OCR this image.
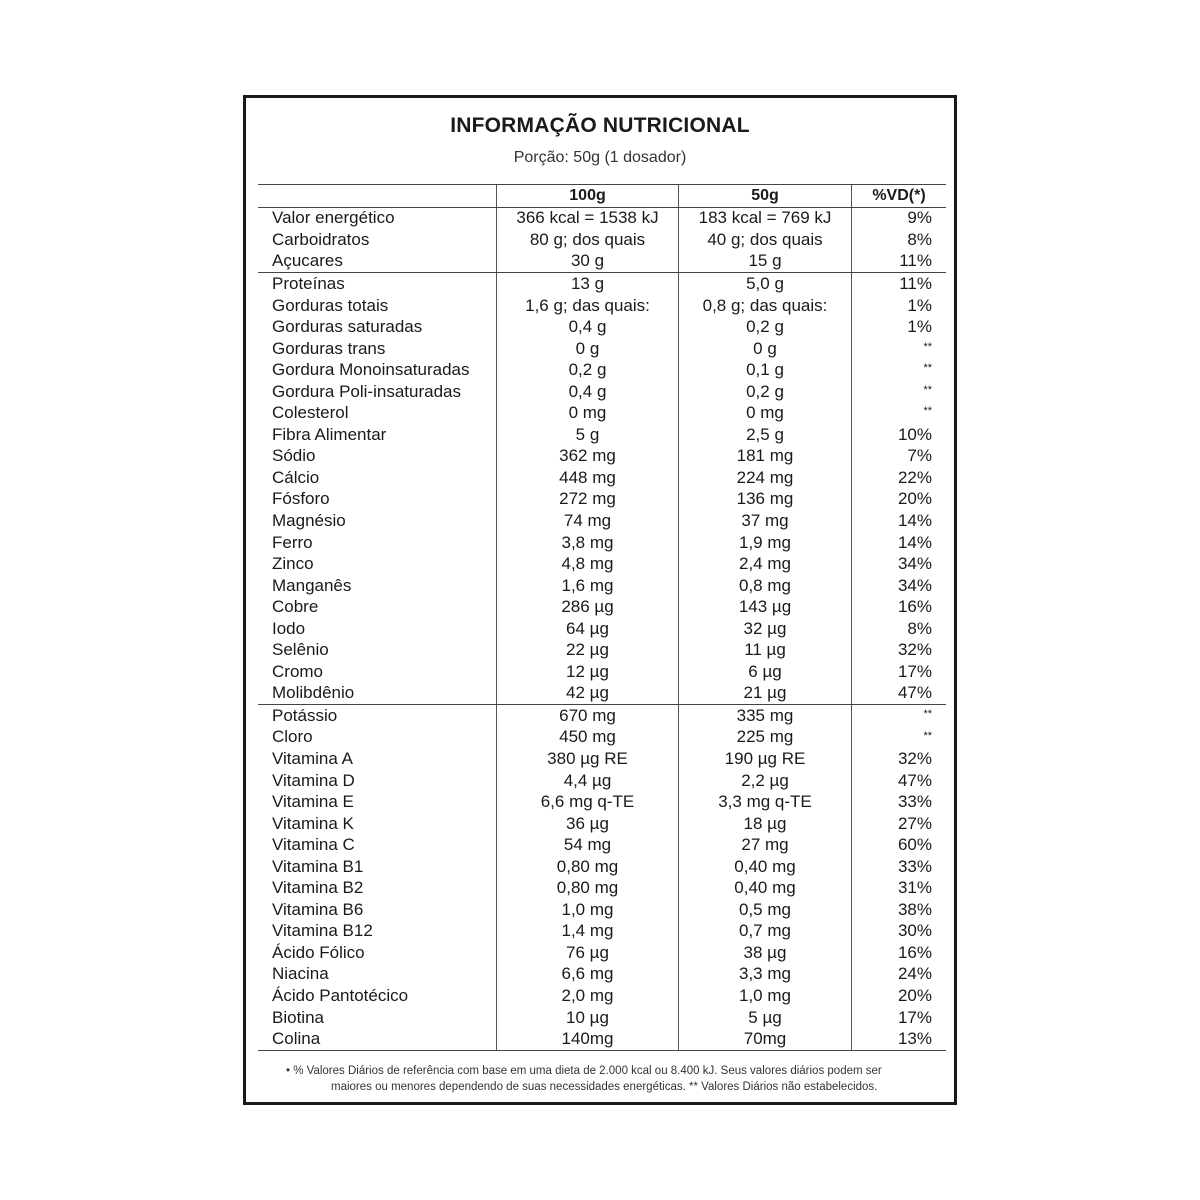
INFORMAÇÃO NUTRICIONAL
Porção: 50g (1 dosador)
100g	50g	%VD(*)
Valor energético	366 kcal = 1538 kJ	183 kcal = 769 kJ	9%
Carboidratos	80 g; dos quais	40 g; dos quais	8%
Açucares	30 g	15 g	11%
Proteínas	13 g	5,0 g	11%
Gorduras totais	1,6 g; das quais:	0,8 g; das quais:	1%
Gorduras saturadas	0,4 g	0,2 g	1%
Gorduras trans	0 g	0 g	**
Gordura Monoinsaturadas	0,2 g	0,1 g	**
Gordura Poli-insaturadas	0,4 g	0,2 g	**
Colesterol	0 mg	0 mg	**
Fibra Alimentar	5 g	2,5 g	10%
Sódio	362 mg	181 mg	7%
Cálcio	448 mg	224 mg	22%
Fósforo	272 mg	136 mg	20%
Magnésio	74 mg	37 mg	14%
Ferro	3,8 mg	1,9 mg	14%
Zinco	4,8 mg	2,4 mg	34%
Manganês	1,6 mg	0,8 mg	34%
Cobre	286 µg	143 µg	16%
Iodo	64 µg	32 µg	8%
Selênio	22 µg	11 µg	32%
Cromo	12 µg	6 µg	17%
Molibdênio	42 µg	21 µg	47%
Potássio	670 mg	335 mg	**
Cloro	450 mg	225 mg	**
Vitamina A	380 µg RE	190 µg RE	32%
Vitamina D	4,4 µg	2,2 µg	47%
Vitamina E	6,6 mg q-TE	3,3 mg q-TE	33%
Vitamina K	36 µg	18 µg	27%
Vitamina C	54 mg	27 mg	60%
Vitamina B1	0,80 mg	0,40 mg	33%
Vitamina B2	0,80 mg	0,40 mg	31%
Vitamina B6	1,0 mg	0,5 mg	38%
Vitamina B12	1,4 mg	0,7 mg	30%
Ácido Fólico	76 µg	38 µg	16%
Niacina	6,6 mg	3,3 mg	24%
Ácido Pantotécico	2,0 mg	1,0 mg	20%
Biotina	10 µg	5 µg	17%
Colina	140mg	70mg	13%
• % Valores Diários de referência com base em uma dieta de 2.000 kcal ou 8.400 kJ. Seus valores diários podem ser
maiores ou menores dependendo de suas necessidades energéticas. ** Valores Diários não estabelecidos.
